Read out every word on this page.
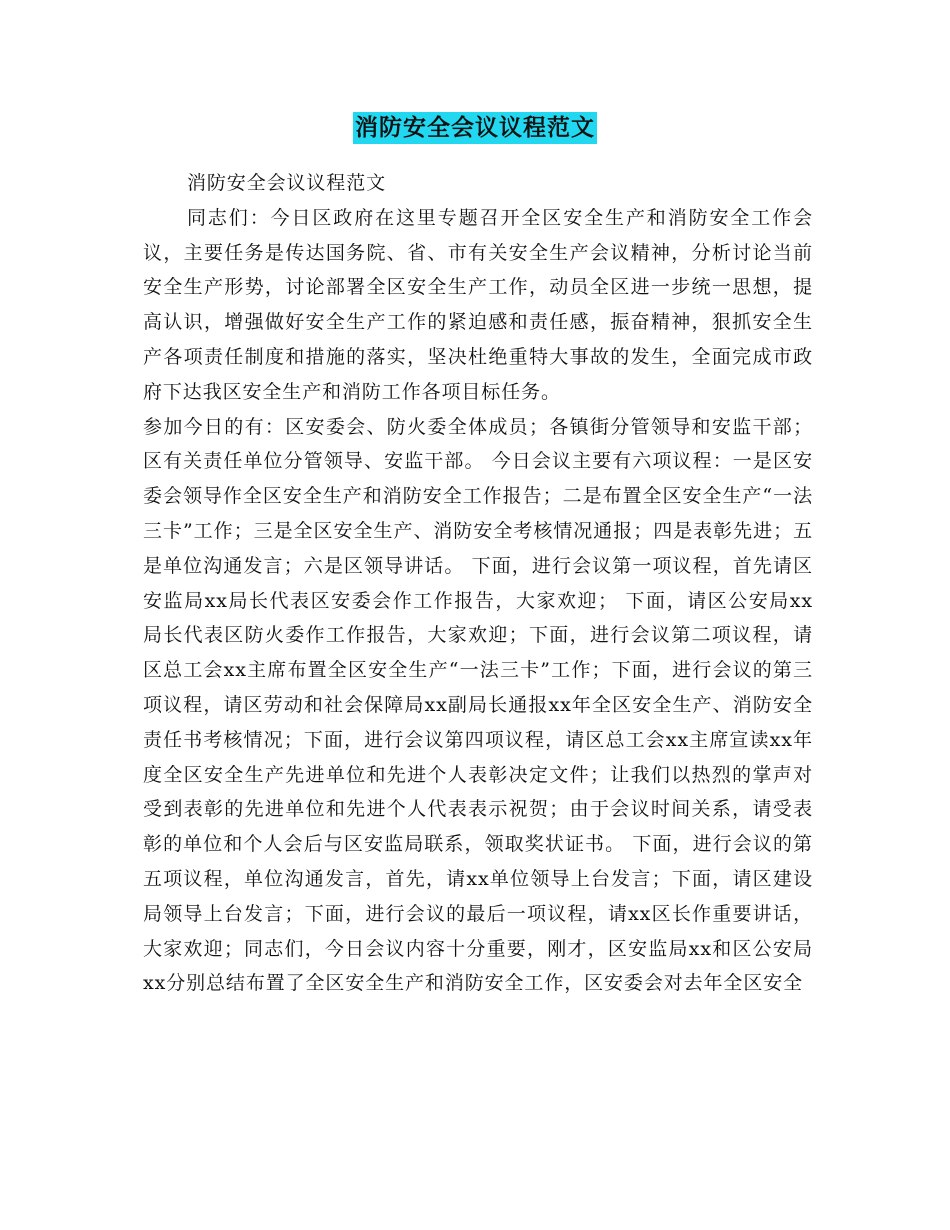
消防安全会议议程范文

消防安全会议议程范文

同志们：今日区政府在这里专题召开全区安全生产和消防安全工作会议，主要任务是传达国务院、省、市有关安全生产会议精神，分析讨论当前安全生产形势，讨论部署全区安全生产工作，动员全区进一步统一思想，提高认识，增强做好安全生产工作的紧迫感和责任感，振奋精神，狠抓安全生产各项责任制度和措施的落实，坚决杜绝重特大事故的发生，全面完成市政府下达我区安全生产和消防工作各项目标任务。

参加今日的有：区安委会、防火委全体成员；各镇街分管领导和安监干部；区有关责任单位分管领导、安监干部。 今日会议主要有六项议程：一是区安委会领导作全区安全生产和消防安全工作报告；二是布置全区安全生产“一法三卡”工作；三是全区安全生产、消防安全考核情况通报；四是表彰先进；五是单位沟通发言；六是区领导讲话。 下面，进行会议第一项议程，首先请区安监局xx局长代表区安委会作工作报告，大家欢迎； 下面，请区公安局xx局长代表区防火委作工作报告，大家欢迎；下面，进行会议第二项议程，请区总工会xx主席布置全区安全生产“一法三卡”工作；下面，进行会议的第三项议程，请区劳动和社会保障局xx副局长通报xx年全区安全生产、消防安全责任书考核情况；下面，进行会议第四项议程，请区总工会xx主席宣读xx年度全区安全生产先进单位和先进个人表彰决定文件；让我们以热烈的掌声对受到表彰的先进单位和先进个人代表表示祝贺；由于会议时间关系，请受表彰的单位和个人会后与区安监局联系，领取奖状证书。 下面，进行会议的第五项议程，单位沟通发言，首先，请xx单位领导上台发言；下面，请区建设局领导上台发言；下面，进行会议的最后一项议程，请xx区长作重要讲话，大家欢迎；同志们，今日会议内容十分重要，刚才，区安监局xx和区公安局xx分别总结布置了全区安全生产和消防安全工作，区安委会对去年全区安全
